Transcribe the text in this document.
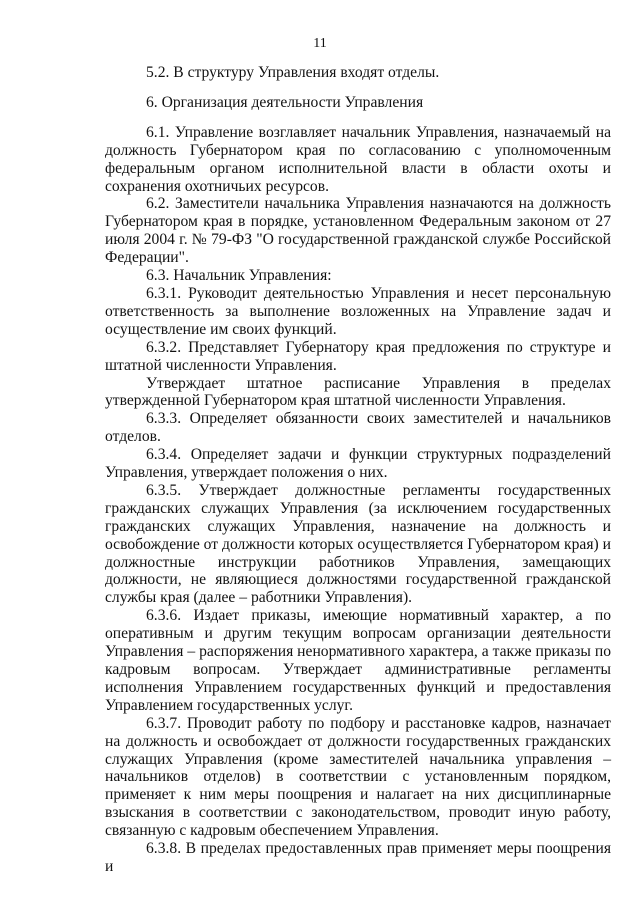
11

5.2. В структуру Управления входят отделы.

6. Организация деятельности Управления

6.1. Управление возглавляет начальник Управления, назначаемый на должность Губернатором края по согласованию с уполномоченным федеральным органом исполнительной власти в области охоты и сохранения охотничьих ресурсов.

6.2. Заместители начальника Управления назначаются на должность Губернатором края в порядке, установленном Федеральным законом от 27 июля 2004 г. № 79-ФЗ "О государственной гражданской службе Российской Федерации".

6.3. Начальник Управления:

6.3.1. Руководит деятельностью Управления и несет персональную ответственность за выполнение возложенных на Управление задач и осуществление им своих функций.

6.3.2. Представляет Губернатору края предложения по структуре и штатной численности Управления.

Утверждает штатное расписание Управления в пределах утвержденной Губернатором края штатной численности Управления.

6.3.3. Определяет обязанности своих заместителей и начальников отделов.

6.3.4. Определяет задачи и функции структурных подразделений Управления, утверждает положения о них.

6.3.5. Утверждает должностные регламенты государственных гражданских служащих Управления (за исключением государственных гражданских служащих Управления, назначение на должность и освобождение от должности которых осуществляется Губернатором края) и должностные инструкции работников Управления, замещающих должности, не являющиеся должностями государственной гражданской службы края (далее – работники Управления).

6.3.6. Издает приказы, имеющие нормативный характер, а по оперативным и другим текущим вопросам организации деятельности Управления – распоряжения ненормативного характера, а также приказы по кадровым вопросам. Утверждает административные регламенты исполнения Управлением государственных функций и предоставления Управлением государственных услуг.

6.3.7. Проводит работу по подбору и расстановке кадров, назначает на должность и освобождает от должности государственных гражданских служащих Управления (кроме заместителей начальника управления – начальников отделов) в соответствии с установленным порядком, применяет к ним меры поощрения и налагает на них дисциплинарные взыскания в соответствии с законодательством, проводит иную работу, связанную с кадровым обеспечением Управления.

6.3.8. В пределах предоставленных прав применяет меры поощрения и
